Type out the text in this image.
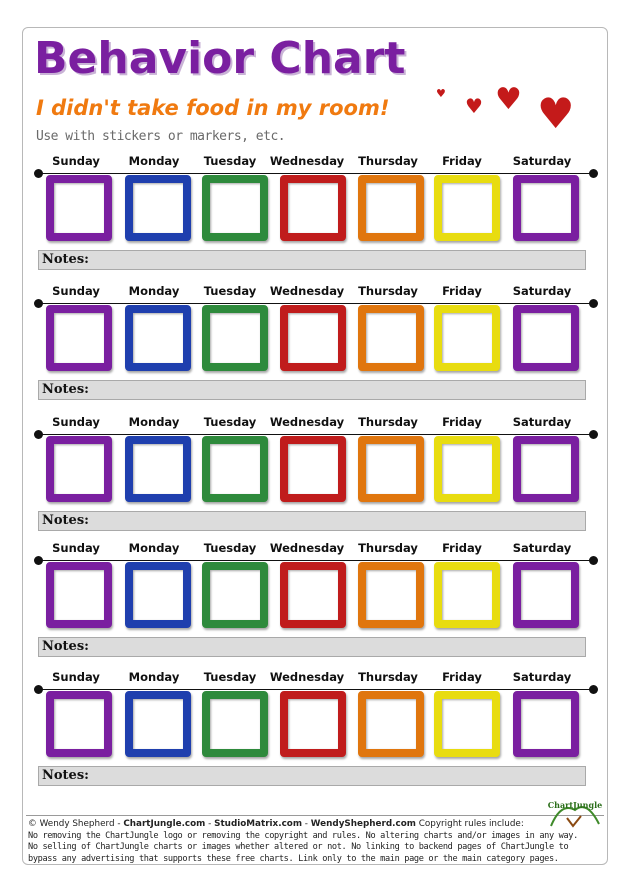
Behavior Chart
I didn't take food in my room!
Use with stickers or markers, etc.
♥
♥ ♥ ♥
Sunday	Monday	Tuesday	Wednesday	Thursday	Friday	Saturday
Notes:
Sunday	Monday	Tuesday	Wednesday	Thursday	Friday	Saturday
Notes:
Sunday	Monday	Tuesday	Wednesday	Thursday	Friday	Saturday
Notes:
Sunday	Monday	Tuesday	Wednesday	Thursday	Friday	Saturday
Notes:
Sunday	Monday	Tuesday	Wednesday	Thursday	Friday	Saturday
Notes:
ChartJungle
© Wendy Shepherd - ChartJungle.com - StudioMatrix.com - WendyShepherd.com Copyright rules include:
No removing the ChartJungle logo or removing the copyright and rules. No altering charts and/or images in any way.
No selling of ChartJungle charts or images whether altered or not. No linking to backend pages of ChartJungle to
bypass any advertising that supports these free charts. Link only to the main page or the main category pages.
